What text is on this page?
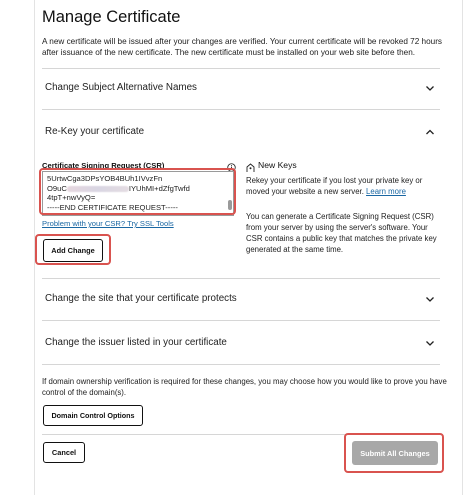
Manage Certificate
A new certificate will be issued after your changes are verified. Your current certificate will be revoked 72 hours after issuance of the new certificate. The new certificate must be installed on your web site before then.
Change Subject Alternative Names
Re-Key your certificate
Certificate Signing Request (CSR)
5UrtwCga3DPsYOB4BUh1IVvzFn
O9uC	IYUhMI+dZfgTwfd
4tpT+nwVyQ=
-----END CERTIFICATE REQUEST-----
Problem with your CSR? Try SSL Tools
Add Change
New Keys
Rekey your certificate if you lost your private key or moved your website a new server. Learn more
You can generate a Certificate Signing Request (CSR) from your server by using the server's software. Your CSR contains a public key that matches the private key generated at the same time.
Change the site that your certificate protects
Change the issuer listed in your certificate
If domain ownership verification is required for these changes, you may choose how you would like to prove you have control of the domain(s).
Domain Control Options
Cancel	Submit All Changes
